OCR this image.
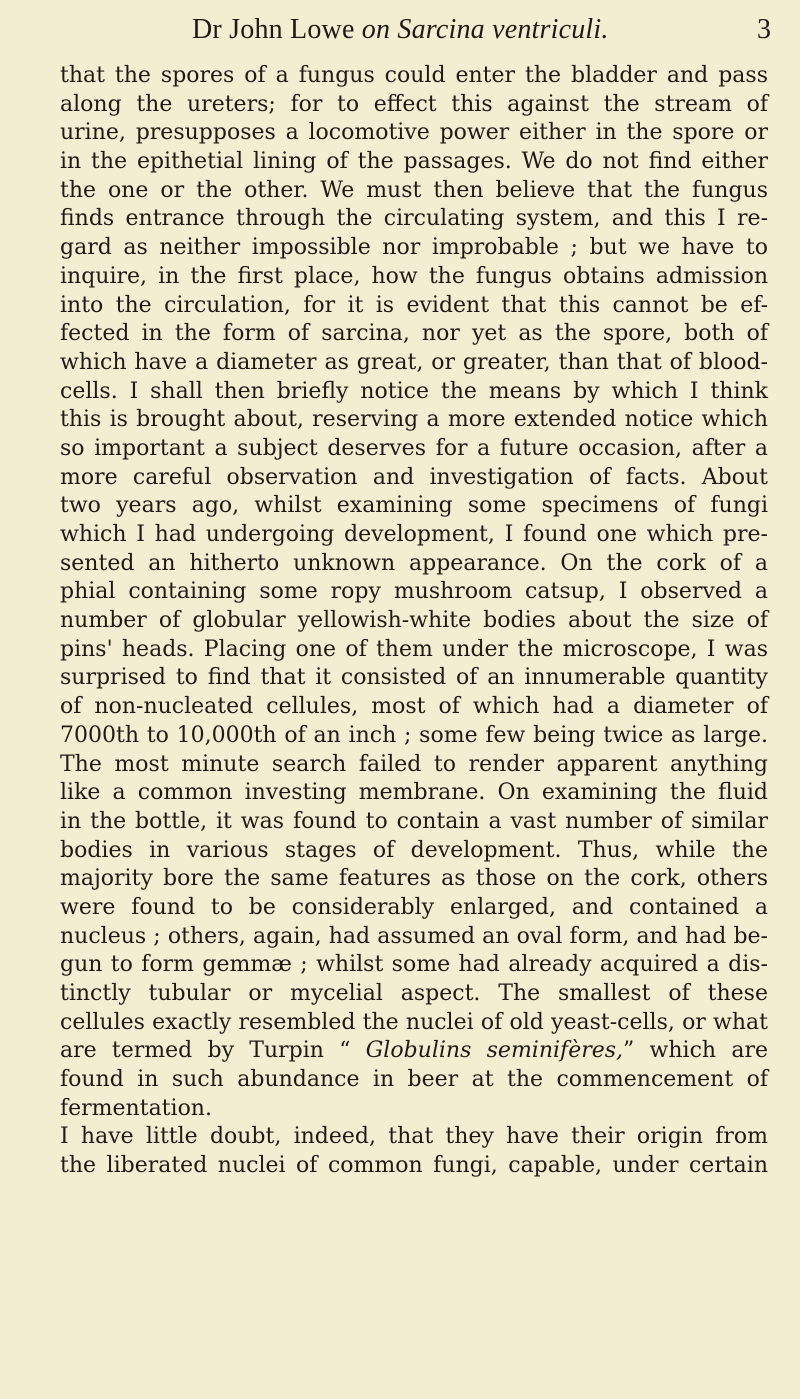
Dr John Lowe on Sarcina ventriculi.	3
that the spores of a fungus could enter the bladder and pass
along the ureters; for to effect this against the stream of
urine, presupposes a locomotive power either in the spore or
in the epithetial lining of the passages. We do not find either
the one or the other. We must then believe that the fungus
finds entrance through the circulating system, and this I re-
gard as neither impossible nor improbable ; but we have to
inquire, in the first place, how the fungus obtains admission
into the circulation, for it is evident that this cannot be ef-
fected in the form of sarcina, nor yet as the spore, both of
which have a diameter as great, or greater, than that of blood-
cells. I shall then briefly notice the means by which I think
this is brought about, reserving a more extended notice which
so important a subject deserves for a future occasion, after a
more careful observation and investigation of facts. About
two years ago, whilst examining some specimens of fungi
which I had undergoing development, I found one which pre-
sented an hitherto unknown appearance. On the cork of a
phial containing some ropy mushroom catsup, I observed a
number of globular yellowish-white bodies about the size of
pins' heads. Placing one of them under the microscope, I was
surprised to find that it consisted of an innumerable quantity
of non-nucleated cellules, most of which had a diameter of
7000th to 10,000th of an inch ; some few being twice as large.
The most minute search failed to render apparent anything
like a common investing membrane. On examining the fluid
in the bottle, it was found to contain a vast number of similar
bodies in various stages of development. Thus, while the
majority bore the same features as those on the cork, others
were found to be considerably enlarged, and contained a
nucleus ; others, again, had assumed an oval form, and had be-
gun to form gemmæ ; whilst some had already acquired a dis-
tinctly tubular or mycelial aspect. The smallest of these
cellules exactly resembled the nuclei of old yeast-cells, or what
are termed by Turpin “ Globulins seminifères,” which are
found in such abundance in beer at the commencement of
fermentation.
I have little doubt, indeed, that they have their origin from
the liberated nuclei of common fungi, capable, under certain
